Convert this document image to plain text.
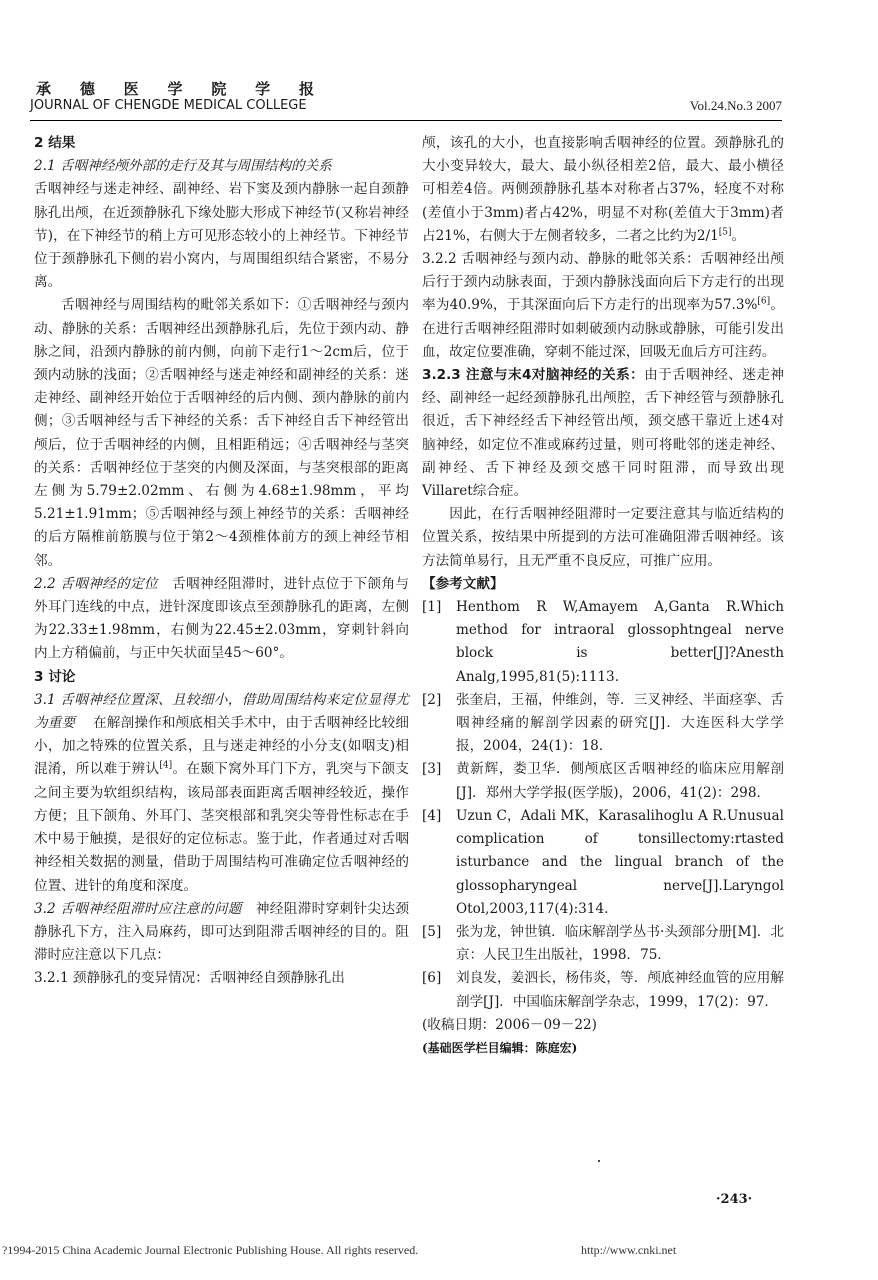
承 德 医 学 院 学 报
JOURNAL OF CHENGDE MEDICAL COLLEGE	Vol.24.No.3 2007

2 结果

2.1 舌咽神经颅外部的走行及其与周围结构的关系

舌咽神经与迷走神经、副神经、岩下窦及颈内静脉一起自颈静脉孔出颅，在近颈静脉孔下缘处膨大形成下神经节(又称岩神经节)，在下神经节的稍上方可见形态较小的上神经节。下神经节位于颈静脉孔下侧的岩小窝内，与周围组织结合紧密，不易分离。

舌咽神经与周围结构的毗邻关系如下：①舌咽神经与颈内动、静脉的关系：舌咽神经出颈静脉孔后，先位于颈内动、静脉之间，沿颈内静脉的前内侧，向前下走行1～2cm后，位于颈内动脉的浅面；②舌咽神经与迷走神经和副神经的关系：迷走神经、副神经开始位于舌咽神经的后内侧、颈内静脉的前内侧；③舌咽神经与舌下神经的关系：舌下神经自舌下神经管出颅后，位于舌咽神经的内侧，且相距稍远；④舌咽神经与茎突的关系：舌咽神经位于茎突的内侧及深面，与茎突根部的距离左侧为5.79±2.02mm、右侧为4.68±1.98mm，平均5.21±1.91mm；⑤舌咽神经与颈上神经节的关系：舌咽神经的后方隔椎前筋膜与位于第2～4颈椎体前方的颈上神经节相邻。

2.2 舌咽神经的定位 舌咽神经阻滞时，进针点位于下颌角与外耳门连线的中点，进针深度即该点至颈静脉孔的距离，左侧为22.33±1.98mm，右侧为22.45±2.03mm，穿刺针斜向内上方稍偏前，与正中矢状面呈45～60°。

3 讨论

3.1 舌咽神经位置深、且较细小，借助周围结构来定位显得尤为重要 在解剖操作和颅底相关手术中，由于舌咽神经比较细小，加之特殊的位置关系，且与迷走神经的小分支(如咽支)相混淆，所以难于辨认[4]。在颞下窝外耳门下方，乳突与下颌支之间主要为软组织结构，该局部表面距离舌咽神经较近，操作方便；且下颌角、外耳门、茎突根部和乳突尖等骨性标志在手术中易于触摸，是很好的定位标志。鉴于此，作者通过对舌咽神经相关数据的测量，借助于周围结构可准确定位舌咽神经的位置、进针的角度和深度。

3.2 舌咽神经阻滞时应注意的问题 神经阻滞时穿刺针尖达颈静脉孔下方，注入局麻药，即可达到阻滞舌咽神经的目的。阻滞时应注意以下几点：

3.2.1 颈静脉孔的变异情况：舌咽神经自颈静脉孔出

颅，该孔的大小，也直接影响舌咽神经的位置。颈静脉孔的大小变异较大，最大、最小纵径相差2倍，最大、最小横径可相差4倍。两侧颈静脉孔基本对称者占37%，轻度不对称(差值小于3mm)者占42%，明显不对称(差值大于3mm)者占21%，右侧大于左侧者较多，二者之比约为2/1[5]。

3.2.2 舌咽神经与颈内动、静脉的毗邻关系：舌咽神经出颅后行于颈内动脉表面，于颈内静脉浅面向后下方走行的出现率为40.9%，于其深面向后下方走行的出现率为57.3%[6]。在进行舌咽神经阻滞时如刺破颈内动脉或静脉，可能引发出血，故定位要准确，穿刺不能过深，回吸无血后方可注药。

3.2.3 注意与末4对脑神经的关系：由于舌咽神经、迷走神经、副神经一起经颈静脉孔出颅腔，舌下神经管与颈静脉孔很近，舌下神经经舌下神经管出颅，颈交感干靠近上述4对脑神经，如定位不准或麻药过量，则可将毗邻的迷走神经、副神经、舌下神经及颈交感干同时阻滞，而导致出现Villaret综合症。

因此，在行舌咽神经阻滞时一定要注意其与临近结构的位置关系，按结果中所提到的方法可准确阻滞舌咽神经。该方法简单易行，且无严重不良反应，可推广应用。

【参考文献】

[1]	Henthom R W,Amayem A,Ganta R.Which method for intraoral glossophtngeal nerve block is better[J]?Anesth Analg,1995,81(5):1113.

[2]	张奎启，王福，仲维剑，等．三叉神经、半面痉挛、舌咽神经痛的解剖学因素的研究[J]．大连医科大学学报，2004，24(1)：18．

[3]	黄新辉，娄卫华．侧颅底区舌咽神经的临床应用解剖[J]．郑州大学学报(医学版)，2006，41(2)：298．

[4]	Uzun C，Adali MK，Karasalihoglu A R.Unusual complication of tonsillectomy:rtasted isturbance and the lingual branch of the glossopharyngeal nerve[J].Laryngol Otol,2003,117(4):314.

[5]	张为龙，钟世镇．临床解剖学丛书·头颈部分册[M]．北京：人民卫生出版社，1998．75．

[6]	刘良发，姜泗长，杨伟炎，等．颅底神经血管的应用解剖学[J]．中国临床解剖学杂志，1999，17(2)：97．

(收稿日期：2006－09－22)

(基础医学栏目编辑：陈庭宏)

·243·
?1994-2015 China Academic Journal Electronic Publishing House. All rights reserved.	http://www.cnki.net
